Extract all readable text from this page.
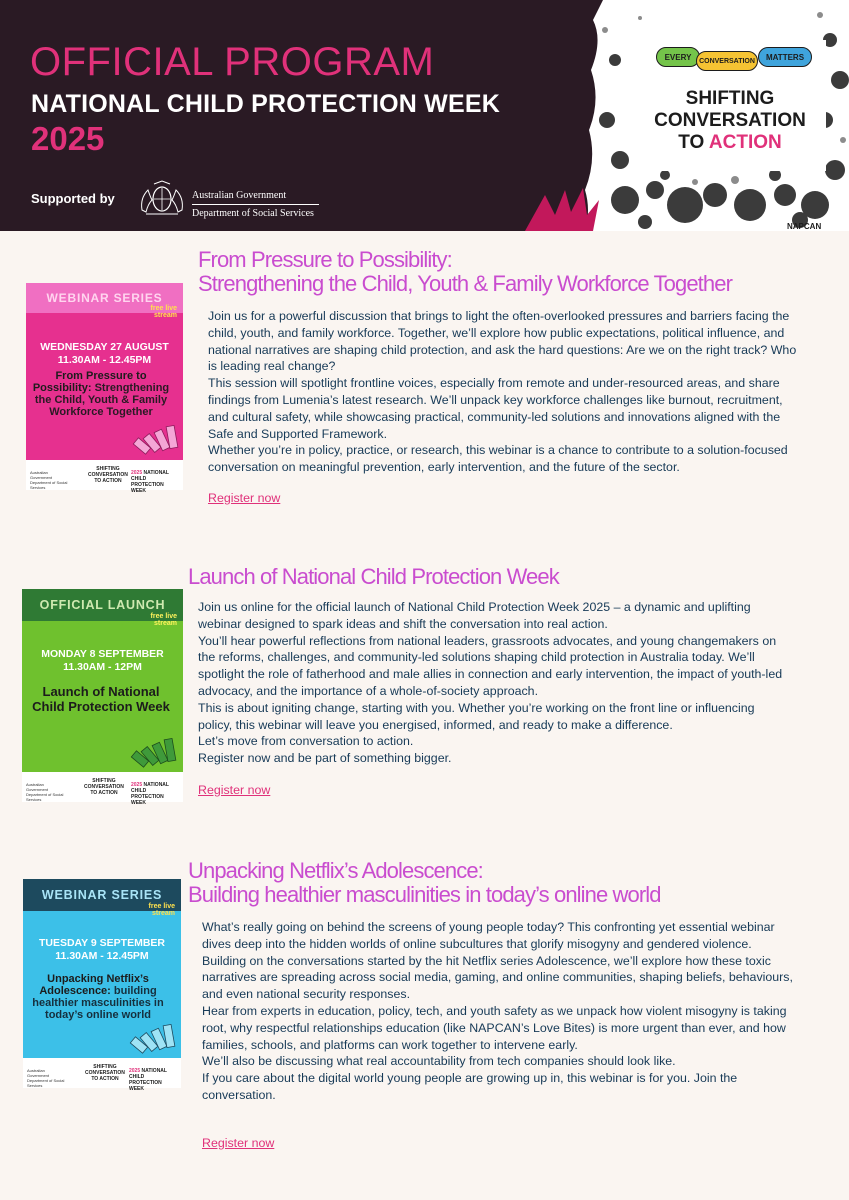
OFFICIAL PROGRAM
NATIONAL CHILD PROTECTION WEEK
2025
Supported by	Australian Government
Department of Social Services
EVERY	CONVERSATION	MATTERS
SHIFTING
CONVERSATION
TO ACTION
NAPCAN
WEBINAR SERIES
free live stream
WEDNESDAY 27 AUGUST
11.30AM - 12.45PM
From Pressure to Possibility: Strengthening the Child, Youth & Family Workforce Together
Australian Government Department of Social Services
SHIFTING
CONVERSATION
TO ACTION
2025 NATIONAL CHILD PROTECTION WEEK
From Pressure to Possibility:
Strengthening the Child, Youth & Family Workforce Together

Join us for a powerful discussion that brings to light the often-overlooked pressures and barriers facing the child, youth, and family workforce. Together, we’ll explore how public expectations, political influence, and national narratives are shaping child protection, and ask the hard questions: Are we on the right track? Who is leading real change?

This session will spotlight frontline voices, especially from remote and under-resourced areas, and share findings from Lumenia’s latest research. We’ll unpack key workforce challenges like burnout, recruitment, and cultural safety, while showcasing practical, community-led solutions and innovations aligned with the Safe and Supported Framework.

Whether you’re in policy, practice, or research, this webinar is a chance to contribute to a solution-focused conversation on meaningful prevention, early intervention, and the future of the sector.

Register now
OFFICIAL LAUNCH
free live stream
MONDAY 8 SEPTEMBER
11.30AM - 12PM
Launch of National Child Protection Week
Australian Government Department of Social Services
SHIFTING
CONVERSATION
TO ACTION
2025 NATIONAL CHILD PROTECTION WEEK
Launch of National Child Protection Week

Join us online for the official launch of National Child Protection Week 2025 – a dynamic and uplifting webinar designed to spark ideas and shift the conversation into real action.

You’ll hear powerful reflections from national leaders, grassroots advocates, and young changemakers on the reforms, challenges, and community-led solutions shaping child protection in Australia today. We’ll spotlight the role of fatherhood and male allies in connection and early intervention, the impact of youth-led advocacy, and the importance of a whole-of-society approach.

This is about igniting change, starting with you. Whether you’re working on the front line or influencing policy, this webinar will leave you energised, informed, and ready to make a difference.

Let’s move from conversation to action.

Register now and be part of something bigger.

Register now
WEBINAR SERIES
free live stream
TUESDAY 9 SEPTEMBER
11.30AM - 12.45PM
Unpacking Netflix’s Adolescence: building healthier masculinities in today’s online world
Australian Government Department of Social Services
SHIFTING
CONVERSATION
TO ACTION
2025 NATIONAL CHILD PROTECTION WEEK
Unpacking Netflix’s Adolescence:
Building healthier masculinities in today’s online world

What’s really going on behind the screens of young people today? This confronting yet essential webinar dives deep into the hidden worlds of online subcultures that glorify misogyny and gendered violence.

Building on the conversations started by the hit Netflix series Adolescence, we’ll explore how these toxic narratives are spreading across social media, gaming, and online communities, shaping beliefs, behaviours, and even national security responses.

Hear from experts in education, policy, tech, and youth safety as we unpack how violent misogyny is taking root, why respectful relationships education (like NAPCAN’s Love Bites) is more urgent than ever, and how families, schools, and platforms can work together to intervene early.

We’ll also be discussing what real accountability from tech companies should look like.

If you care about the digital world young people are growing up in, this webinar is for you. Join the conversation.

Register now
